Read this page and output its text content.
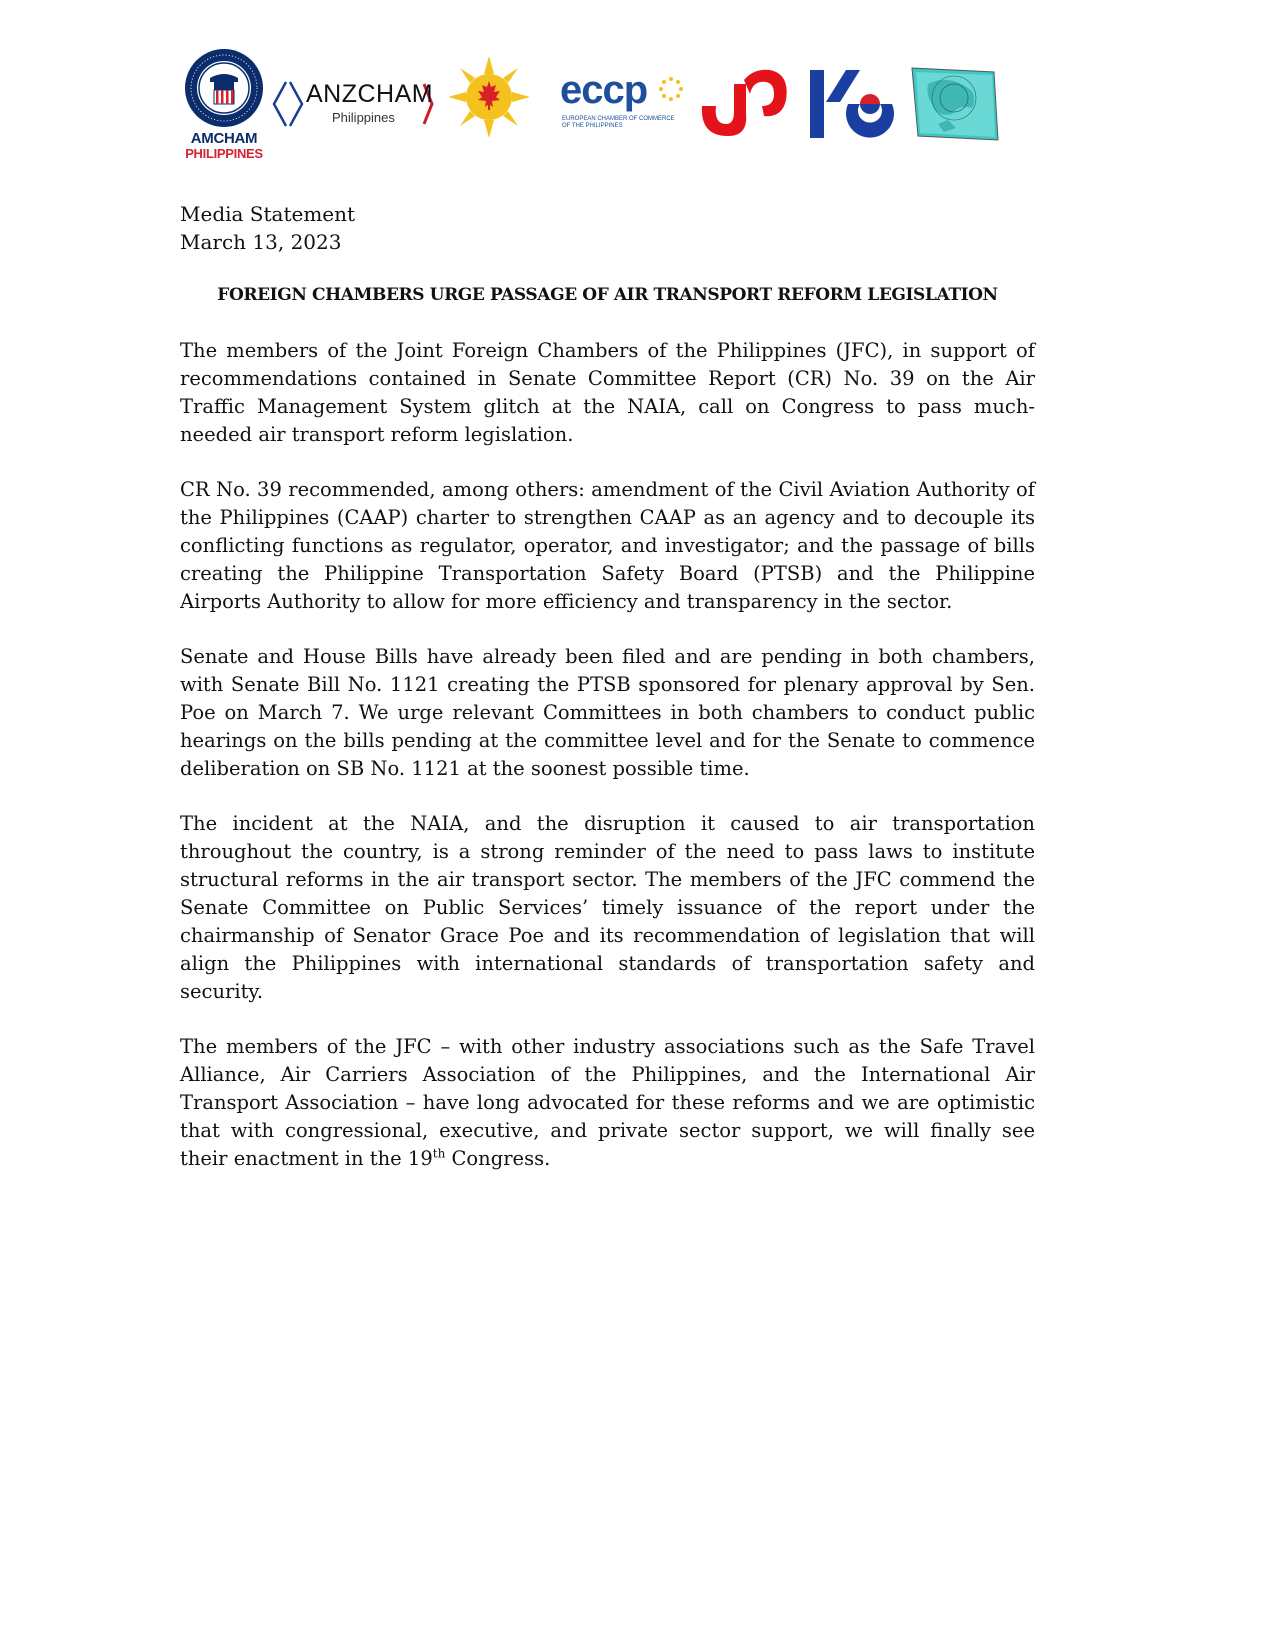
AMCHAM
PHILIPPINES
ANZCHAM
Philippines
eccp
EUROPEAN CHAMBER OF COMMERCE
OF THE PHILIPPINES
Media Statement
March 13, 2023
FOREIGN CHAMBERS URGE PASSAGE OF AIR TRANSPORT REFORM LEGISLATION

The members of the Joint Foreign Chambers of the Philippines (JFC), in support of recommendations contained in Senate Committee Report (CR) No. 39 on the Air Traffic Management System glitch at the NAIA, call on Congress to pass much-needed air transport reform legislation.

CR No. 39 recommended, among others: amendment of the Civil Aviation Authority of the Philippines (CAAP) charter to strengthen CAAP as an agency and to decouple its conflicting functions as regulator, operator, and investigator; and the passage of bills creating the Philippine Transportation Safety Board (PTSB) and the Philippine Airports Authority to allow for more efficiency and transparency in the sector.

Senate and House Bills have already been filed and are pending in both chambers, with Senate Bill No. 1121 creating the PTSB sponsored for plenary approval by Sen. Poe on March 7. We urge relevant Committees in both chambers to conduct public hearings on the bills pending at the committee level and for the Senate to commence deliberation on SB No. 1121 at the soonest possible time.

The incident at the NAIA, and the disruption it caused to air transportation throughout the country, is a strong reminder of the need to pass laws to institute structural reforms in the air transport sector. The members of the JFC commend the Senate Committee on Public Services’ timely issuance of the report under the chairmanship of Senator Grace Poe and its recommendation of legislation that will align the Philippines with international standards of transportation safety and security.

The members of the JFC – with other industry associations such as the Safe Travel Alliance, Air Carriers Association of the Philippines, and the International Air Transport Association – have long advocated for these reforms and we are optimistic that with congressional, executive, and private sector support, we will finally see their enactment in the 19th Congress.
